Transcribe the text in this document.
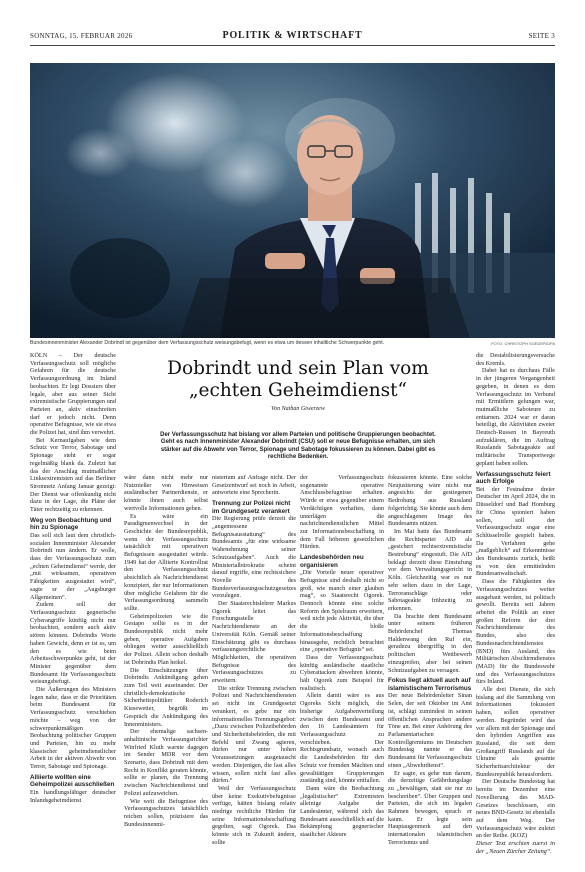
SONNTAG, 15. FEBRUAR 2026	POLITIK & WIRTSCHAFT	SEITE 3
Bundesinnenminister Alexander Dobrindt ist gegenüber dem Verfassungsschutz weisungsbefugt, wenn es etwa um dessen inhaltliche Schwerpunkte geht.	FOTO: CHRISTOPH SOEDER/DPA
Dobrindt und sein Plan vom
„echten Geheimdienst“
Von Nathan Giwerzew
Der Verfassungsschutz hat bislang vor allem Parteien und politische Gruppierungen beobachtet. Geht es nach Innenminister Alexander Dobrindt (CSU) soll er neue Befugnisse erhalten, um sich stärker auf die Abwehr von Terror, Spionage und Sabotage fokussieren zu können. Dabei gibt es rechtliche Bedenken.

KÖLN – Der deutsche Verfassungsschutz soll mögliche Gefahren für die deutsche Verfassungsordnung im Inland beobachten. Er legt Dossiers über legale, aber aus seiner Sicht extremistische Gruppierungen und Parteien an, aktiv einschreiten darf er jedoch nicht. Denn operative Befugnisse, wie sie etwa die Polizei hat, sind ihm verwehrt.

Bei Kernaufgaben wie dem Schutz vor Terror, Sabotage und Spionage steht er sogar regelmäßig blank da. Zuletzt hat das der Anschlag mutmaßlicher Linksextremisten auf das Berliner Stromnetz Anfang Januar gezeigt: Der Dienst war offenkundig nicht dazu in der Lage, die Pläne der Täter rechtzeitig zu erkennen.

Weg von Beobachtung und hin zu Spionage

Das soll sich laut dem christlich-sozialen Innenminister Alexander Dobrindt nun ändern. Er wolle, dass der Verfassungsschutz zum „echten Geheimdienst“ werde, der „mit wirksamen, operativen Fähigkeiten ausgestattet wird“, sagte er der „Augsburger Allgemeinen“.

Zudem soll der Verfassungsschutz gegnerische Cyberangriffe künftig nicht nur beobachten, sondern auch aktiv stören können. Dobrindts Worte haben Gewicht, denn er ist es, um den es wie beim Arbeitsschwerpunkte geht, ist der Minister gegenüber dem Bundesamt für Verfassungsschutz weisungsbefugt.

Die Äußerungen des Ministers legen nahe, dass er die Prioritäten beim Bundesamt für Verfassungsschutz verschieben möchte – weg von der schwerpunktmäßigen Beobachtung politischer Gruppen und Parteien, hin zu mehr klassischer geheimdienstlicher Arbeit in der aktiven Abwehr von Terror, Sabotage und Spionage.

Alliierte wollten eine Geheimpolizei ausschließen

Ein handlungsfähiger deutscher Inlandsgeheimdienst

wäre dann nicht mehr nur Nutznießer von Hinweisen ausländischer Partnerdienste, er könnte ihnen auch selbst wertvolle Informationen geben.

Es wäre ein Paradigmenwechsel in der Geschichte der Bundesrepublik, wenn der Verfassungsschutz tatsächlich mit operativen Befugnissen ausgestattet würde. 1949 hat der Alliierte Kontrollrat den Verfassungsschutz absichtlich als Nachrichtendienst konzipiert, der nur Informationen über mögliche Gefahren für die Verfassungsordnung sammeln sollte.

Geheimpolizeien wie die Gestapo sollte es in der Bundesrepublik nicht mehr geben, operative Aufgaben obliegen weiter ausschließlich der Polizei. Allein schon deshalb ist Dobrindts Plan heikel.

Die Einschätzungen über Dobrindts Ankündigung gehen zum Teil weit auseinander. Der christlich-demokratische Sicherheitspolitiker Roderich Kiesewetter, begrüßt im Gespräch die Ankündigung des Innenministers.

Der ehemalige sachsen-anhaltinische Verfassungsrichter Winfried Kluth warnte dagegen im Sender MDR vor dem Szenario, dass Dobrindt mit dem Recht in Konflikt geraten könnte, sollte er planen, die Trennung zwischen Nachrichtendienst und Polizei aufzuweichen.

Wie weit die Befugnisse des Verfassungsschutzes tatsächlich reichen sollen, präzisiere das Bundesinnenmi-

nisterium auf Anfrage nicht. Der Gesetzentwurf sei noch in Arbeit, antwortete eine Sprecherin.

Trennung zur Polizei nicht im Grundgesetz verankert

Die Regierung prüfe derzeit die „angemessene Befugnisausstattung“ des Bundesamts „für eine wirksame Wahrnehmung seiner Schutzaufgaben“. Auch die Ministerialbürokratie scheint darauf ergriffe, eine rechtssichere Novelle des Bundesverfassungsschutzgesetzes vorzulegen.

Der Staatsrechtslehrer Markus Ogorek leitet das Forschungsstelle Nachrichtendienste an der Universität Köln. Gemäß seiner Einschätzung gibt es durchaus verfassungsrechtliche Möglichkeiten, die operativen Befugnisse des Verfassungsschutzes zu erweitern.

Die strikte Trennung zwischen Polizei und Nachrichtendiensten sei nicht im Grundgesetzt verankert, es gebe nur ein informationelles Trennungsgebot: „Dazu zwischen Polizeibehörden und Sicherheitsbehörden, die mit Befehl und Zwang agieren, dürfen nur unter hohen Voraussetzungen ausgetauscht werden. Diejenigen, die fast alles wissen, sollen nicht fast alles dürfen.“

Weil der Verfassungsschutz über keine Exekutivbefugnisse verfüge, hätten bislang relativ niedrige rechtliche Hürden für seine Informationsbeschaffung gegolten, sagt Ogorek. Das könnte sich in Zukunft ändern, sollte

der Verfassungsschutz sogenannte operative Anschlussbefugnisse erhalten. Würde er etwa gegenüber einem Verdächtigen verhaften, dann unterlägen die nachrichtendienstlichen Mittel zur Informationsbeschaffung in dem Fall höheren gesetzlichen Hürden.

Landesbehörden neu organisieren

„Die Vorteile neuer operativer Befugnisse sind deshalb nicht so groß, wie manch einer glauben mag“, so Staatsrecht Ogorek. Dennoch könnte eine solche Reform den Spielraum erweitern, weil nicht jede Aktivität, die über die bloße Informationsbeschaffung hinausgehe, rechtlich betrachtet eine „operative Befugnis“ sei.

Dass der Verfassungsschutz künftig ausländische staatliche Cyberattacken abwehren könnte, hält Ogorek zum Beispiel für realistisch.

Allein damit wäre es aus Ogoreks Sicht möglich, die bisherige Aufgabenverteilung zwischen dem Bundesamt und den 16 Landesämtern für Verfassungsschutz zu verschieben. Der Rechtsgrundsatz, wonach auch die Landesbehörden für den Schutz vor fremden Mächten und gewalttätigen Gruppierungen zuständig sind, könnte entfallen.

Dann wäre die Beobachtung „legalistischer“ Extremisten alleinige Aufgabe der Landesämter, während sich das Bundesamt ausschließlich auf die Bekämpfung gegnerischer staatlicher Akteure

fokussieren könnte. Eine solche Neujustierung wäre nicht nur angesichts der gestiegenen Bedrohung aus Russland folgerichtig. Sie könnte auch dem angeschlagenen Image des Bundesamts nützen.

Im Mai hatte das Bundesamt die Rechtspartei AfD als „gesichert rechtsextremistische Bestrebung“ eingestuft. Die AfD beklagt derzeit diese Einstufung vor dem Verwaltungsgericht in Köln. Gleichzeitig war es nur sehr selten dazu in der Lage, Terroranschläge oder Sabotageakte frühzeitig zu erkennen.

Da brachte dem Bundesamt unter seinem früheren Behördenchef Thomas Haldenwang den Ruf ein, geradezu übergriffig in den politischen Wettbewerb einzugreifen, aber bei seinen Schutzaufgaben zu versagen.

Fokus liegt aktuell auch auf islamistischem Terrorismus

Der neue Behördenleiter Sinan Selen, der seit Oktober im Amt ist, schlägt zumindest in seinen öffentlichen Ansprachen andere Töne an. Bei einer Anhörung des Parlamentarischen Kontrollgremiums im Deutschen Bundestag nannte er das Bundesamt für Verfassungsschutz einen „Abwehrdienst“.

Er sagte, es gehe nun darum, die derzeitige Gefährdungslage zu „bewältigen, statt sie nur zu beschreiben“. Über Gruppen und Parteien, die sich im legalen Rahmen bewegen, sprach er kaum. Er legte sein Hauptaugenmerk auf den internationalen islamistischen Terrorismus und

die Destabilisierungsversuche des Kremls.

Dabei hat es durchaus Fälle in der jüngeren Vergangenheit gegeben, in denen es dem Verfassungsschutz im Verbund mit Ermittlern gelungen war, mutmaßliche Saboteure zu enttarnen. 2024 war er daran beteiligt, die Aktivitäten zweier Deutsch-Russen in Bayreuth aufzuklären, die im Auftrag Russlands Sabotageakte auf militärische Transportwege geplant haben sollen.

Verfassungsschutz feiert auch Erfolge

Bei der Festnahme dreier Deutscher im April 2024, die in Düsseldorf und Bad Homburg für China spioniert haben sollen, soll der Verfassungsschutz sogar eine Schlüsselrolle gespielt haben. Da Verfahren gehe „maßgeblich“ auf Erkenntnisse des Bundesamts zurück, heißt es von den ermittelnden Bundesanwaltschaft.

Dass die Fähigkeiten des Verfassungsschutzes weiter ausgebaut werden, ist politisch gewollt. Bereits seit Jahren arbeitet die Politik an einer großen Reform der drei Nachrichtendienste des Bundes, also des Bundesnachrichtendienstes (BND) fürs Ausland, des Militärischen Abschirmdienstes (MAD) für die Bundeswehr und des Verfassungsschutzes fürs Inland.

Alle drei Dienste, die sich bislang auf die Sammlung von Informationen fokussiert haben, sollen operativer werden. Begründet wird das vor allem mit der Spionage und den hybriden Angriffen aus Russland, die seit dem Großangriff Russlands auf die Ukraine als gesamte Sicherheitsarchitektur der Bundesrepublik herausfordern.

Der Deutsche Bundestag hat bereits im Dezember eine Novellierung des MAD-Gesetzes beschlossen, ein neues BND-Gesetz ist ebenfalls auf dem Weg. Der Verfassungsschutz wäre zuletzt an der Reihe. (KOZ)

Dieser Text erschien zuerst in der „Neuen Zürcher Zeitung“.
